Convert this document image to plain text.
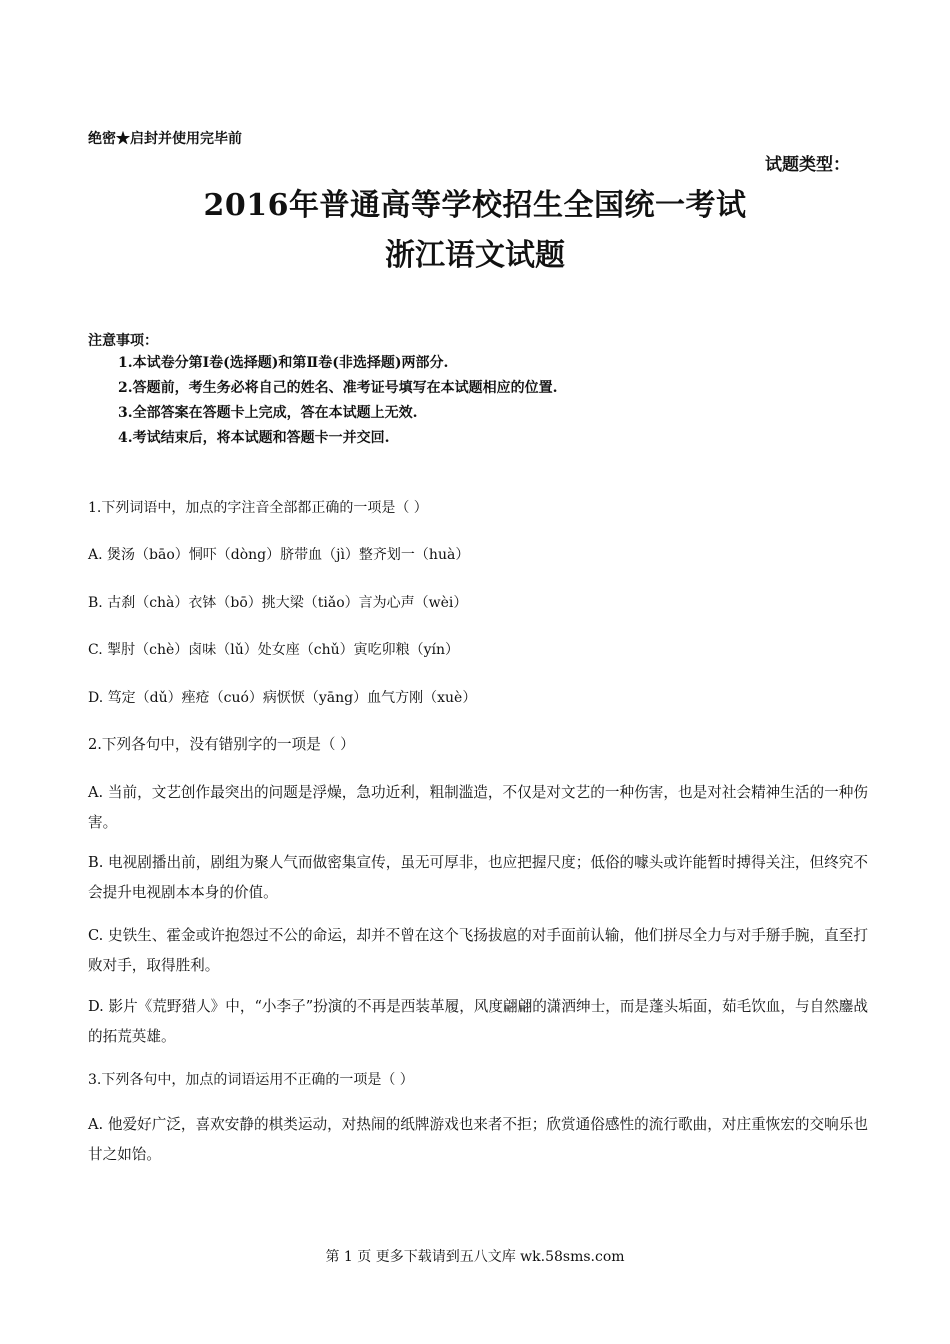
绝密★启封并使用完毕前
试题类型：
2016年普通高等学校招生全国统一考试
浙江语文试题
注意事项：
1.本试卷分第Ⅰ卷(选择题)和第Ⅱ卷(非选择题)两部分.
2.答题前，考生务必将自己的姓名、准考证号填写在本试题相应的位置.
3.全部答案在答题卡上完成，答在本试题上无效.
4.考试结束后，将本试题和答题卡一并交回.
1.下列词语中，加点的字注音全部都正确的一项是（ ）
A. 煲汤（bāo）恫吓（dòng）脐带血（jì）整齐划一（huà）
B. 古刹（chà）衣钵（bō）挑大梁（tiǎo）言为心声（wèi）
C. 掣肘（chè）卤味（lǔ）处女座（chǔ）寅吃卯粮（yín）
D. 笃定（dǔ）痤疮（cuó）病恹恹（yāng）血气方刚（xuè）
2.下列各句中，没有错别字的一项是（ ）
A. 当前，文艺创作最突出的问题是浮燥，急功近利，粗制滥造，不仅是对文艺的一种伤害，也是对社会精神生活的一种伤害。
B. 电视剧播出前，剧组为聚人气而做密集宣传，虽无可厚非，也应把握尺度；低俗的噱头或许能暂时搏得关注，但终究不会提升电视剧本本身的价值。
C. 史铁生、霍金或许抱怨过不公的命运，却并不曾在这个飞扬拔扈的对手面前认输，他们拼尽全力与对手掰手腕，直至打败对手，取得胜利。
D. 影片《荒野猎人》中，“小李子”扮演的不再是西装革履，风度翩翩的潇洒绅士，而是蓬头垢面，茹毛饮血，与自然鏖战的拓荒英雄。
3.下列各句中，加点的词语运用不正确的一项是（ ）
A. 他爱好广泛，喜欢安静的棋类运动，对热闹的纸牌游戏也来者不拒；欣赏通俗感性的流行歌曲，对庄重恢宏的交响乐也甘之如饴。
第 1 页 更多下载请到五八文库 wk.58sms.com
